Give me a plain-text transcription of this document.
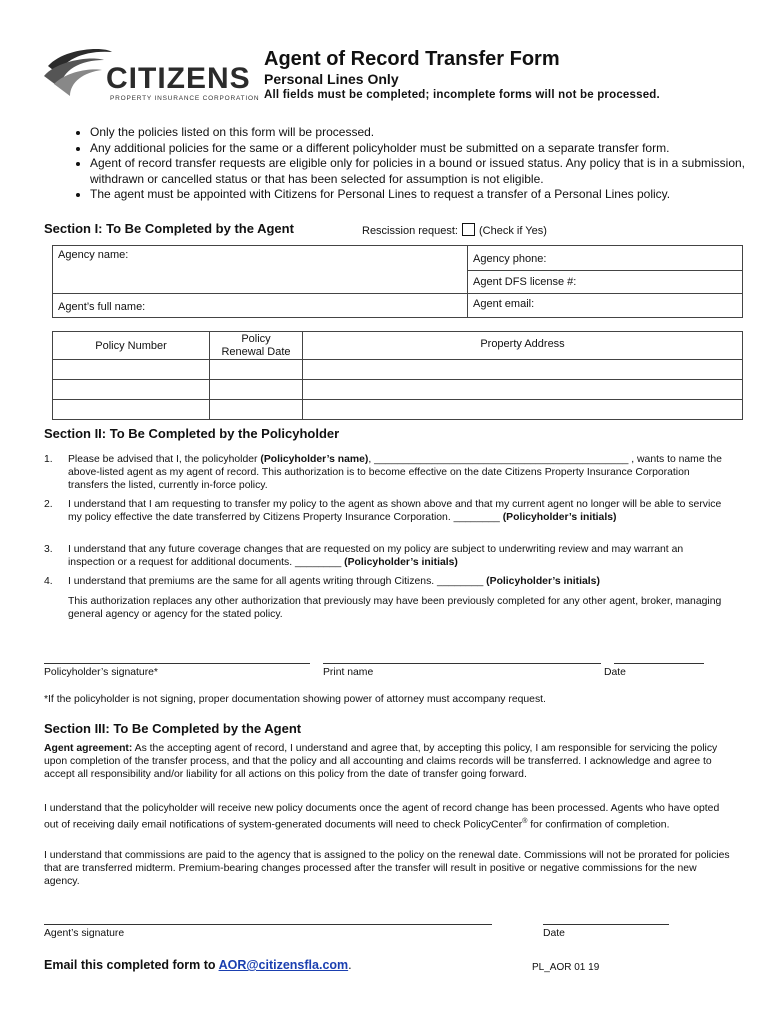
CITIZENS
PROPERTY INSURANCE CORPORATION
Agent of Record Transfer Form
Personal Lines Only
All fields must be completed; incomplete forms will not be processed.
• Only the policies listed on this form will be processed.
• Any additional policies for the same or a different policyholder must be submitted on a separate transfer form.
• Agent of record transfer requests are eligible only for policies in a bound or issued status. Any policy that is in a submission, withdrawn or cancelled status or that has been selected for assumption is not eligible.
• The agent must be appointed with Citizens for Personal Lines to request a transfer of a Personal Lines policy.
Section I: To Be Completed by the Agent	Rescission request: (Check if Yes)
Agency name:	Agency phone:

	Agent DFS license #:

Agent’s full name:	Agent email:
Policy Number	Policy Renewal Date	Property Address

Section II: To Be Completed by the Policyholder
1. Please be advised that I, the policyholder (Policyholder’s name), ____________________________________________ , wants to name the above-listed agent as my agent of record. This authorization is to become effective on the date Citizens Property Insurance Corporation transfers the listed, currently in-force policy.
2. I understand that I am requesting to transfer my policy to the agent as shown above and that my current agent no longer will be able to service my policy effective the date transferred by Citizens Property Insurance Corporation. ________ (Policyholder’s initials)
3. I understand that any future coverage changes that are requested on my policy are subject to underwriting review and may warrant an inspection or a request for additional documents. ________ (Policyholder’s initials)
4. I understand that premiums are the same for all agents writing through Citizens. ________ (Policyholder’s initials)
This authorization replaces any other authorization that previously may have been previously completed for any other agent, broker, managing general agency or agency for the stated policy.
Policyholder’s signature*	Print name	Date
*If the policyholder is not signing, proper documentation showing power of attorney must accompany request.
Section III: To Be Completed by the Agent
Agent agreement: As the accepting agent of record, I understand and agree that, by accepting this policy, I am responsible for servicing the policy upon completion of the transfer process, and that the policy and all accounting and claims records will be transferred. I acknowledge and agree to accept all responsibility and/or liability for all actions on this policy from the date of transfer going forward.
I understand that the policyholder will receive new policy documents once the agent of record change has been processed. Agents who have opted out of receiving daily email notifications of system-generated documents will need to check PolicyCenter® for confirmation of completion.
I understand that commissions are paid to the agency that is assigned to the policy on the renewal date. Commissions will not be prorated for policies that are transferred midterm. Premium-bearing changes processed after the transfer will result in positive or negative commissions for the new agency.
Agent’s signature	Date
Email this completed form to AOR@citizensfla.com.	PL_AOR 01 19
